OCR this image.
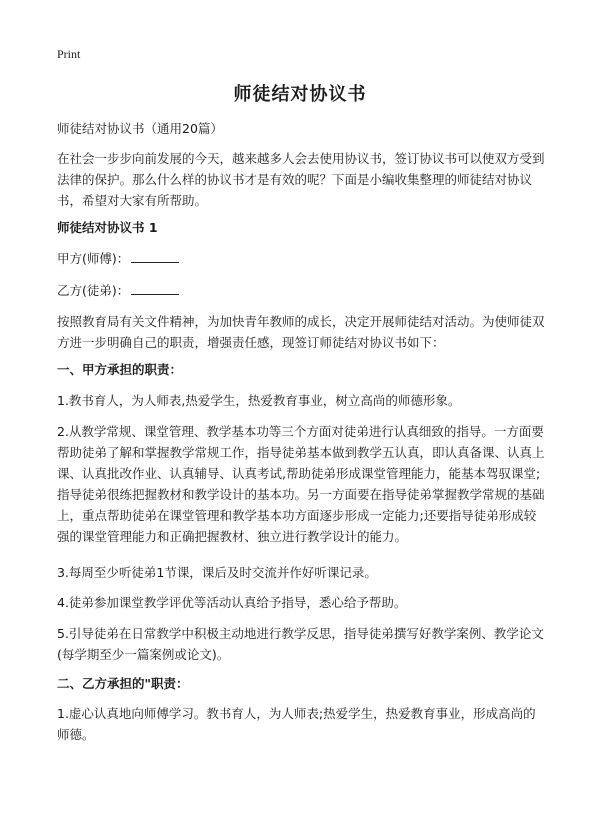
Print
师徒结对协议书
师徒结对协议书（通用20篇）
在社会一步步向前发展的今天，越来越多人会去使用协议书，签订协议书可以使双方受到法律的保护。那么什么样的协议书才是有效的呢？下面是小编收集整理的师徒结对协议书，希望对大家有所帮助。
师徒结对协议书 1
甲方(师傅)：
乙方(徒弟)：
按照教育局有关文件精神，为加快青年教师的成长，决定开展师徒结对活动。为使师徒双方进一步明确自己的职责，增强责任感，现签订师徒结对协议书如下：
一、甲方承担的职责：
1.教书育人，为人师表,热爱学生，热爱教育事业，树立高尚的师德形象。
2.从教学常规、课堂管理、教学基本功等三个方面对徒弟进行认真细致的指导。一方面要帮助徒弟了解和掌握教学常规工作，指导徒弟基本做到教学五认真，即认真备课、认真上课、认真批改作业、认真辅导、认真考试,帮助徒弟形成课堂管理能力，能基本驾驭课堂;指导徒弟很练把握教材和教学设计的基本功。另一方面要在指导徒弟掌握教学常规的基础上，重点帮助徒弟在课堂管理和教学基本功方面逐步形成一定能力;还要指导徒弟形成较强的课堂管理能力和正确把握教材、独立进行教学设计的能力。
3.每周至少听徒弟1节课，课后及时交流并作好听课记录。
4.徒弟参加课堂教学评优等活动认真给予指导，悉心给予帮助。
5.引导徒弟在日常教学中积极主动地进行教学反思，指导徒弟撰写好教学案例、教学论文(每学期至少一篇案例或论文)。
二、乙方承担的"职责：
1.虚心认真地向师傅学习。教书育人，为人师表;热爱学生，热爱教育事业，形成高尚的师德。
